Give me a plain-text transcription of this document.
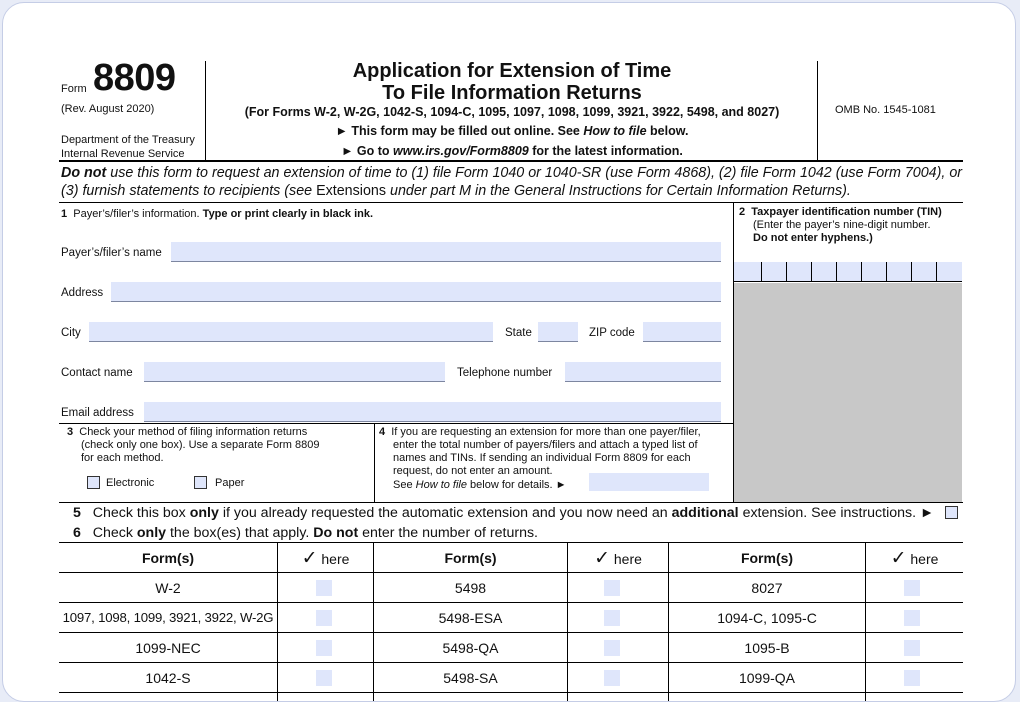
Form 8809
(Rev. August 2020)
Department of the Treasury
Internal Revenue Service
Application for Extension of Time
To File Information Returns
(For Forms W-2, W-2G, 1042-S, 1094-C, 1095, 1097, 1098, 1099, 3921, 3922, 5498, and 8027)
► This form may be filled out online. See How to file below.
► Go to www.irs.gov/Form8809 for the latest information.
OMB No. 1545-1081
Do not use this form to request an extension of time to (1) file Form 1040 or 1040-SR (use Form 4868), (2) file Form 1042 (use Form 7004), or (3) furnish statements to recipients (see Extensions under part M in the General Instructions for Certain Information Returns).
1 Payer’s/filer’s information. Type or print clearly in black ink.
Payer’s/filer’s name
Address
City	State	ZIP code
Contact name	Telephone number
Email address
2 Taxpayer identification number (TIN)
(Enter the payer’s nine-digit number.
Do not enter hyphens.)
3 Check your method of filing information returns
(check only one box). Use a separate Form 8809
for each method.
Electronic	Paper
4 If you are requesting an extension for more than one payer/filer,
enter the total number of payers/filers and attach a typed list of
names and TINs. If sending an individual Form 8809 for each
request, do not enter an amount.
See How to file below for details. ►
5 Check this box only if you already requested the automatic extension and you now need an additional extension. See instructions. ►
6 Check only the box(es) that apply. Do not enter the number of returns.
Form(s)	✓ here	Form(s)	✓ here	Form(s)	✓ here
W-2	5498	8027
1097, 1098, 1099, 3921, 3922, W-2G	5498-ESA	1094-C, 1095-C
1099-NEC	5498-QA	1095-B
1042-S	5498-SA	1099-QA
